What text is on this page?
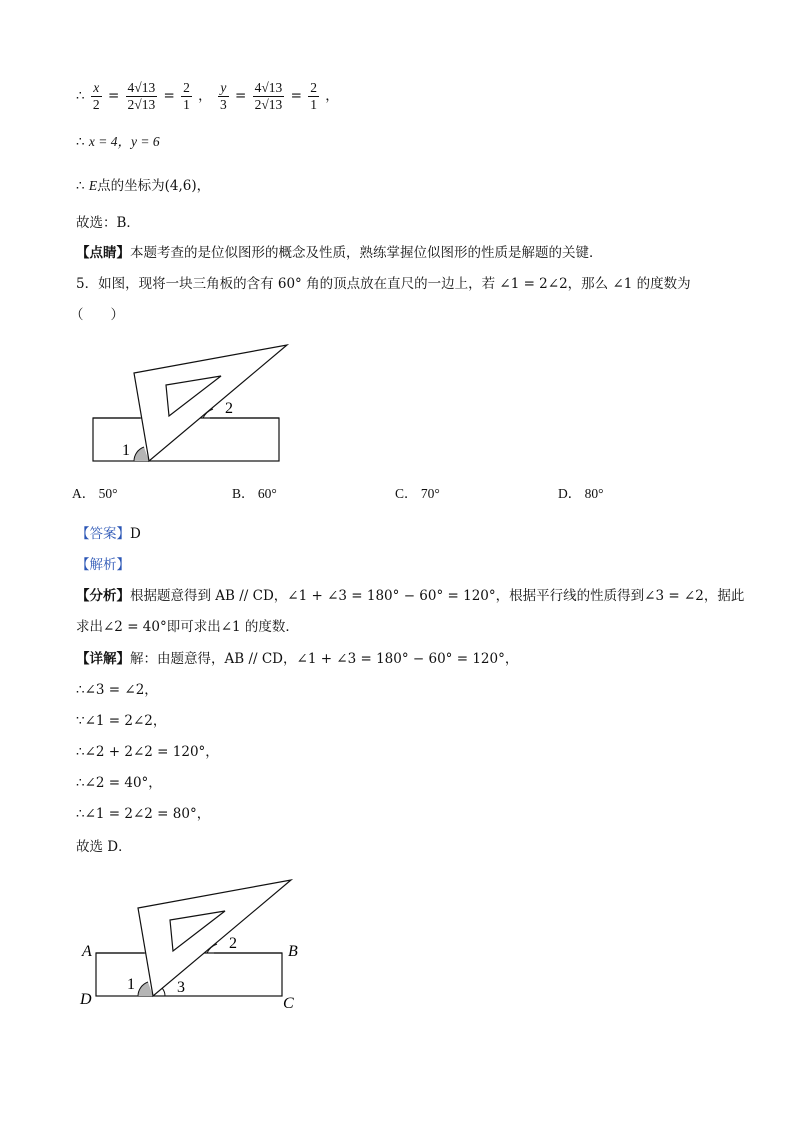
∴ $\frac{x}{2} = \frac{4√13}{2√13} = \frac{2}{1}$ ， $\frac{y}{3} = \frac{4√13}{2√13} = \frac{2}{1}$ ，
∴ x = 4，y = 6
∴ E点的坐标为(4,6)，
故选：B．
【点睛】本题考查的是位似图形的概念及性质，熟练掌握位似图形的性质是解题的关键．
5．如图，现将一块三角板的含有 60° 角的顶点放在直尺的一边上，若 ∠1 = 2∠2，那么 ∠1 的度数为
（　　）
1
2
A． 50°	B． 60°	C． 70°	D． 80°
【答案】D
【解析】
【分析】根据题意得到 AB // CD，∠1 + ∠3 = 180° − 60° = 120°，根据平行线的性质得到∠3 = ∠2，据此
求出∠2 = 40°即可求出∠1 的度数．
【详解】解：由题意得，AB // CD，∠1 + ∠3 = 180° − 60° = 120°，
∴∠3 = ∠2，
∵∠1 = 2∠2，
∴∠2 + 2∠2 = 120°，
∴∠2 = 40°，
∴∠1 = 2∠2 = 80°，
故选 D．
1
2
3
A	B
C
D
